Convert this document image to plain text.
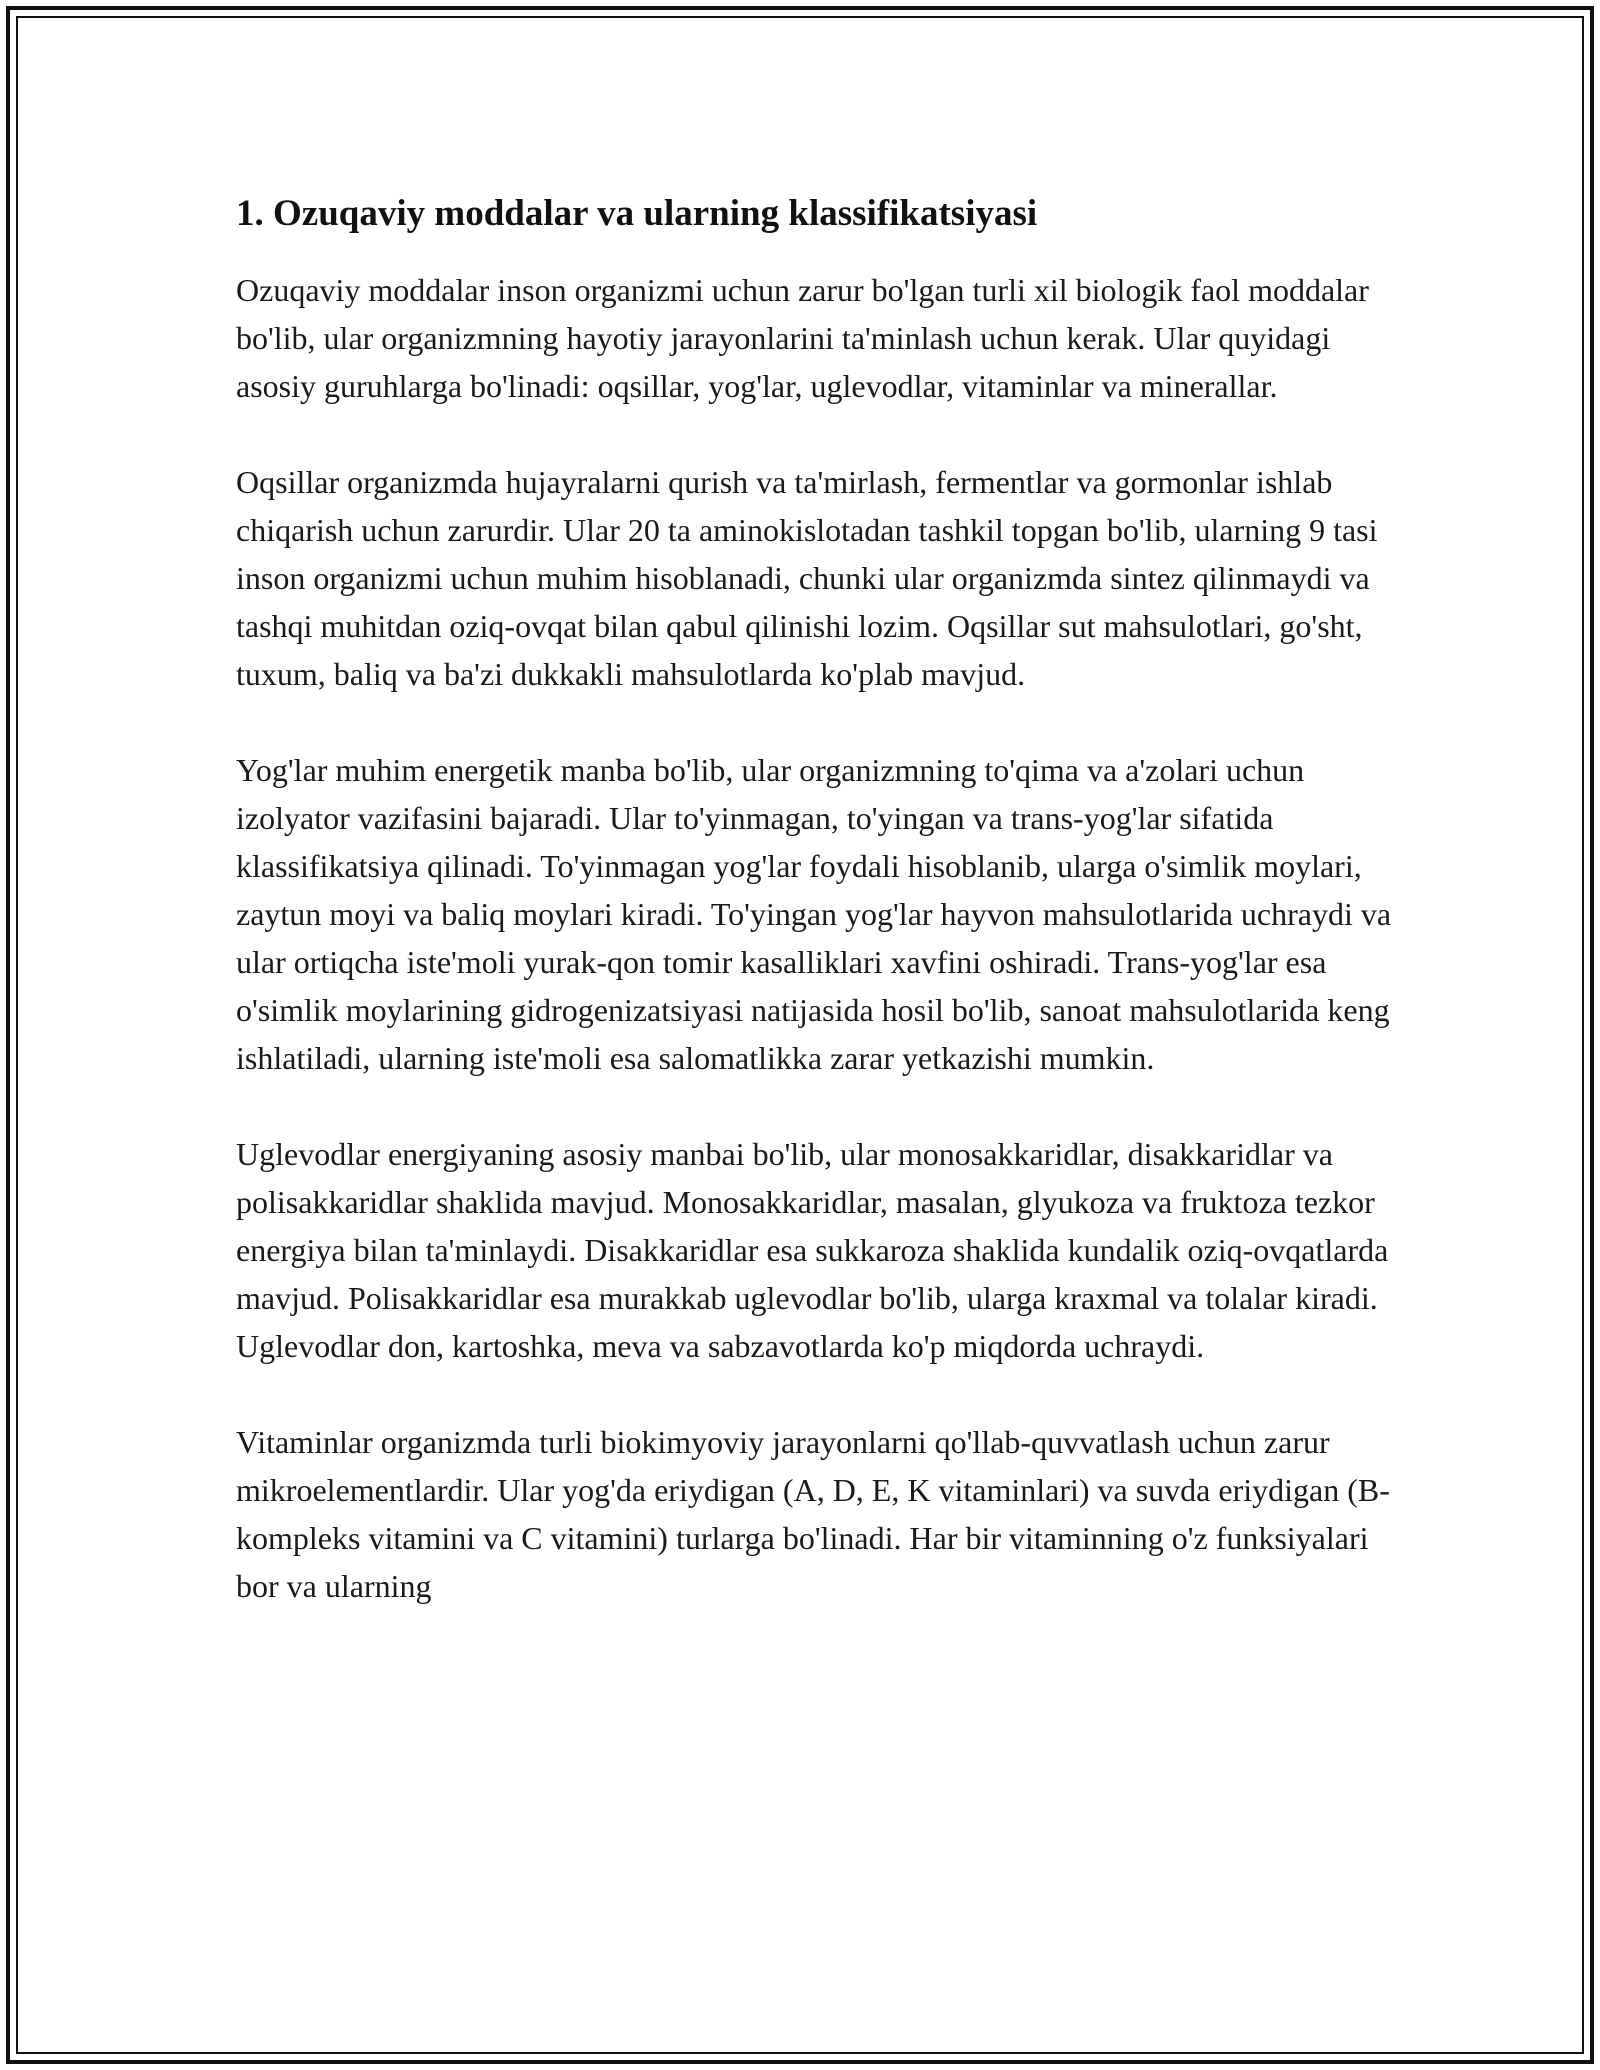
1. Ozuqaviy moddalar va ularning klassifikatsiyasi

Ozuqaviy moddalar inson organizmi uchun zarur bo'lgan turli xil biologik faol moddalar bo'lib, ular organizmning hayotiy jarayonlarini ta'minlash uchun kerak. Ular quyidagi asosiy guruhlarga bo'linadi: oqsillar, yog'lar, uglevodlar, vitaminlar va minerallar.

Oqsillar organizmda hujayralarni qurish va ta'mirlash, fermentlar va gormonlar ishlab chiqarish uchun zarurdir. Ular 20 ta aminokislotadan tashkil topgan bo'lib, ularning 9 tasi inson organizmi uchun muhim hisoblanadi, chunki ular organizmda sintez qilinmaydi va tashqi muhitdan oziq-ovqat bilan qabul qilinishi lozim. Oqsillar sut mahsulotlari, go'sht, tuxum, baliq va ba'zi dukkakli mahsulotlarda ko'plab mavjud.

Yog'lar muhim energetik manba bo'lib, ular organizmning to'qima va a'zolari uchun izolyator vazifasini bajaradi. Ular to'yinmagan, to'yingan va trans-yog'lar sifatida klassifikatsiya qilinadi. To'yinmagan yog'lar foydali hisoblanib, ularga o'simlik moylari, zaytun moyi va baliq moylari kiradi. To'yingan yog'lar hayvon mahsulotlarida uchraydi va ular ortiqcha iste'moli yurak-qon tomir kasalliklari xavfini oshiradi. Trans-yog'lar esa o'simlik moylarining gidrogenizatsiyasi natijasida hosil bo'lib, sanoat mahsulotlarida keng ishlatiladi, ularning iste'moli esa salomatlikka zarar yetkazishi mumkin.

Uglevodlar energiyaning asosiy manbai bo'lib, ular monosakkaridlar, disakkaridlar va polisakkaridlar shaklida mavjud. Monosakkaridlar, masalan, glyukoza va fruktoza tezkor energiya bilan ta'minlaydi. Disakkaridlar esa sukkaroza shaklida kundalik oziq-ovqatlarda mavjud. Polisakkaridlar esa murakkab uglevodlar bo'lib, ularga kraxmal va tolalar kiradi. Uglevodlar don, kartoshka, meva va sabzavotlarda ko'p miqdorda uchraydi.

Vitaminlar organizmda turli biokimyoviy jarayonlarni qo'llab-quvvatlash uchun zarur mikroelementlardir. Ular yog'da eriydigan (A, D, E, K vitaminlari) va suvda eriydigan (B-kompleks vitamini va C vitamini) turlarga bo'linadi. Har bir vitaminning o'z funksiyalari bor va ularning
